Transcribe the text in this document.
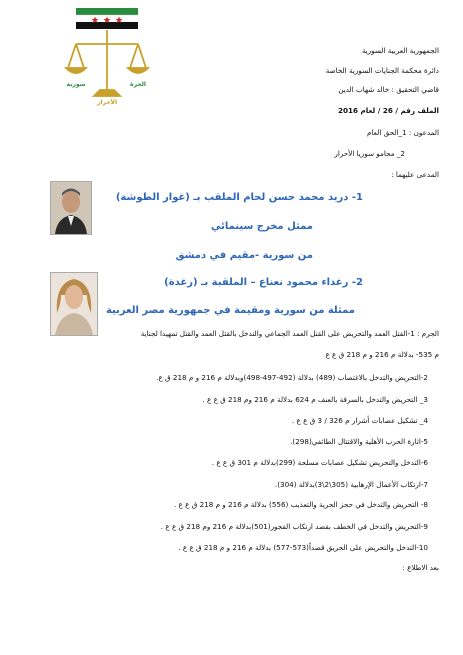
سورية	الحرة
الأحرار
الجمهورية العربية السورية
دائرة محكمة الجنايات السورية الخاصة
قاضي التحقيق : خالد شهاب الدين
الملف رقم / 26 / لعام 2016
المدعون : 1_الحق العام
2_ محامو سوريا الأحرار
المدعى عليهما :
1- دريد محمد حسن لحام الملقب بـ (غوار الطوشة)
ممثل مخرج سينمائي
من سورية -مقيم في دمشق
2- رغداء محمود نعناع – الملقبة بـ (رغدة)
ممثلة من سورية ومقيمة في جمهورية مصر العربية
الجرم : 1-القتل العمد والتحريض على القتل العمد الجماعي والتدخل بالقتل العمد والقتل تمهيدا لجناية
م 535- بدلالة م 216 و م 218 ق ع ع
2-التحريض والتدخل بالاغتصاب (489) بدلالة (492-497-498)وبدلالة م 216 و م 218 ق ع.
3_ التحريض والتدخل بالسرقة بالعنف م 624 بدلالة م 216 وم 218 ق ع ع .
4_ تشكيل عصابات أشرار م 326 / 3 ق ع ع .
5-اثارة الحرب الأهلية والاقتتال الطائفي(298).
6-التدخل والتحريض تشكيل عصابات مسلحة (299)بدلالة م 301 ق ع ع .
7-ارتكاب الأعمال الإرهابية (305\2\3)بدلالة (304).
8- التحريض والتدخل في حجز الحرية والتعذيب (556) بدلالة م 216 و م 218 ق ع ع .
9-التحريض والتدخل في الخطف بقصد ارتكاب الفجور(501)بدلالة م 216 وم 218 ق ع ع .
10-التدخل والتحريض على الحريق قصداً(573-577) بدلالة م 216 و م 218 ق ع ع .
بعد الاطلاع :
